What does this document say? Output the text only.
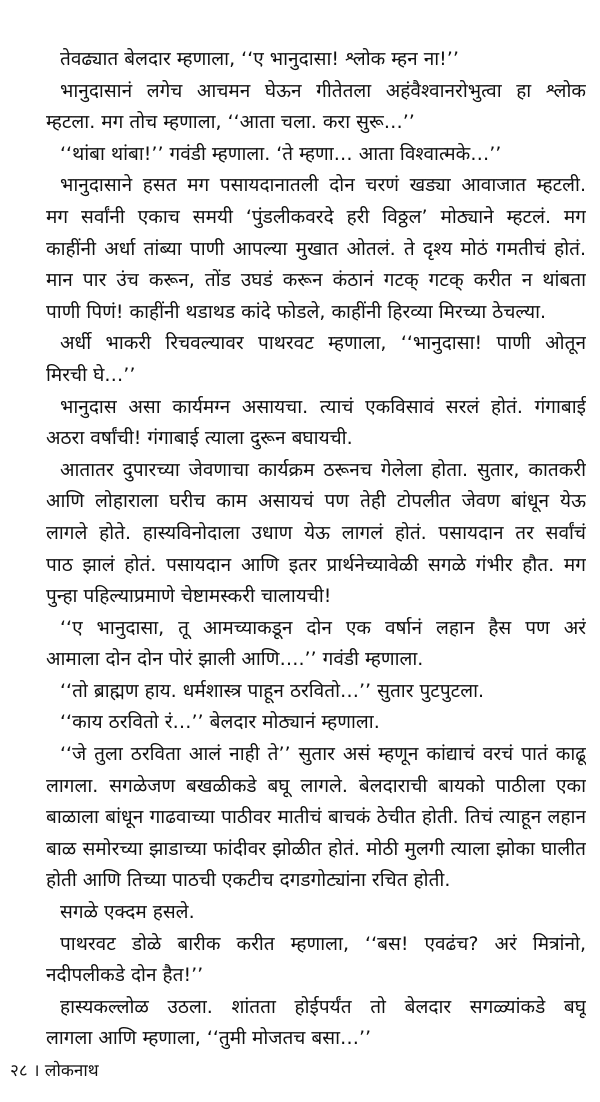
तेवढ्यात बेलदार म्हणाला, ‘‘ए भानुदासा! श्लोक म्हन ना!’’
भानुदासानं लगेच आचमन घेऊन गीतेतला अहंवैश्वानरोभुत्वा हा श्लोक
म्हटला. मग तोच म्हणाला, ‘‘आता चला. करा सुरू…’’
‘‘थांबा थांबा!’’ गवंडी म्हणाला. ‘ते म्हणा… आता विश्वात्मके…’’
भानुदासाने हसत मग पसायदानातली दोन चरणं खड्या आवाजात म्हटली.
मग सर्वांनी एकाच समयी ‘पुंडलीकवरदे हरी विठ्ठल’ मोठ्याने म्हटलं. मग
काहींनी अर्धा तांब्या पाणी आपल्या मुखात ओतलं. ते दृश्य मोठं गमतीचं होतं.
मान पार उंच करून, तोंड उघडं करून कंठानं गटक् गटक् करीत न थांबता
पाणी पिणं! काहींनी थडाथड कांदे फोडले, काहींनी हिरव्या मिरच्या ठेचल्या.
अर्धी भाकरी रिचवल्यावर पाथरवट म्हणाला, ‘‘भानुदासा! पाणी ओतून
मिरची घे…’’
भानुदास असा कार्यमग्न असायचा. त्याचं एकविसावं सरलं होतं. गंगाबाई
अठरा वर्षांची! गंगाबाई त्याला दुरून बघायची.
आतातर दुपारच्या जेवणाचा कार्यक्रम ठरूनच गेलेला होता. सुतार, कातकरी
आणि लोहाराला घरीच काम असायचं पण तेही टोपलीत जेवण बांधून येऊ
लागले होते. हास्यविनोदाला उधाण येऊ लागलं होतं. पसायदान तर सर्वांचं
पाठ झालं होतं. पसायदान आणि इतर प्रार्थनेच्यावेळी सगळे गंभीर हौत. मग
पुन्हा पहिल्याप्रमाणे चेष्टामस्करी चालायची!
‘‘ए भानुदासा, तू आमच्याकडून दोन एक वर्षानं लहान हैस पण अरं
आमाला दोन दोन पोरं झाली आणि….’’ गवंडी म्हणाला.
‘‘तो ब्राह्मण हाय. धर्मशास्त्र पाहून ठरवितो…’’ सुतार पुटपुटला.
‘‘काय ठरवितो रं…’’ बेलदार मोठ्यानं म्हणाला.
‘‘जे तुला ठरविता आलं नाही ते’’ सुतार असं म्हणून कांद्याचं वरचं पातं काढू
लागला. सगळेजण बखळीकडे बघू लागले. बेलदाराची बायको पाठीला एका
बाळाला बांधून गाढवाच्या पाठीवर मातीचं बाचकं ठेचीत होती. तिचं त्याहून लहान
बाळ समोरच्या झाडाच्या फांदीवर झोळीत होतं. मोठी मुलगी त्याला झोका घालीत
होती आणि तिच्या पाठची एकटीच दगडगोट्यांना रचित होती.
सगळे एक्दम हसले.
पाथरवट डोळे बारीक करीत म्हणाला, ‘‘बस! एवढंच? अरं मित्रांनो,
नदीपलीकडे दोन हैत!’’
हास्यकल्लोळ उठला. शांतता होईपर्यंत तो बेलदार सगळ्यांकडे बघू
लागला आणि म्हणाला, ‘‘तुमी मोजतच बसा…’’
२८ । लोकनाथ
